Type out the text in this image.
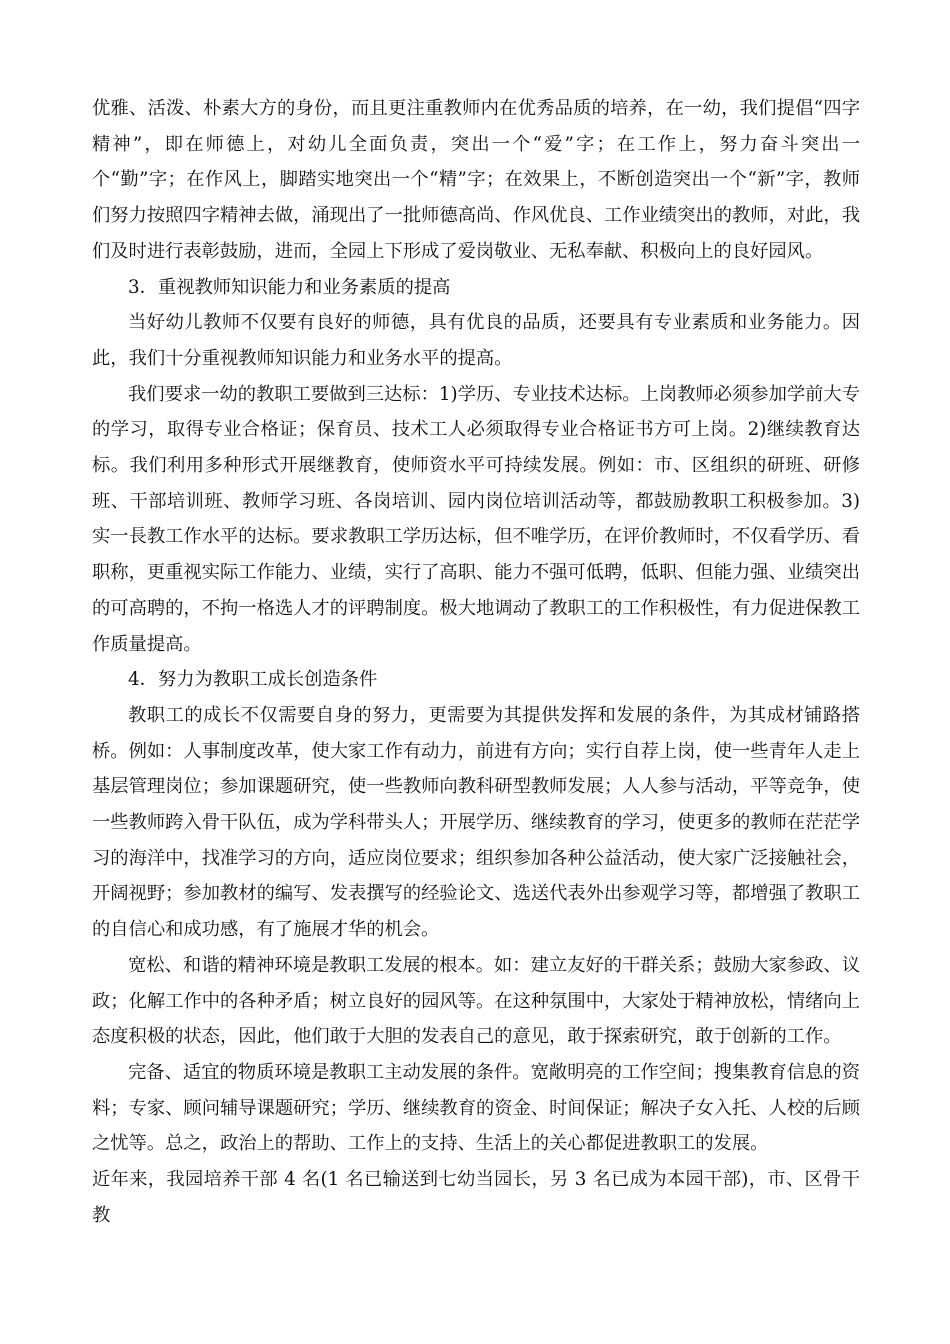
优雅、活泼、朴素大方的身份，而且更注重教师内在优秀品质的培养，在一幼，我们提倡“四字精神”，即在师德上，对幼儿全面负责，突出一个“爱”字；在工作上，努力奋斗突出一个“勤”字；在作风上，脚踏实地突出一个“精”字；在效果上，不断创造突出一个“新”字，教师们努力按照四字精神去做，涌现出了一批师德高尚、作风优良、工作业绩突出的教师，对此，我们及时进行表彰鼓励，进而，全园上下形成了爱岗敬业、无私奉献、积极向上的良好园风。

3．重视教师知识能力和业务素质的提高

当好幼儿教师不仅要有良好的师德，具有优良的品质，还要具有专业素质和业务能力。因此，我们十分重视教师知识能力和业务水平的提高。

我们要求一幼的教职工要做到三达标：1)学历、专业技术达标。上岗教师必须参加学前大专的学习，取得专业合格证；保育员、技术工人必须取得专业合格证书方可上岗。2)继续教育达标。我们利用多种形式开展继教育，使师资水平可持续发展。例如：市、区组织的研班、研修班、干部培训班、教师学习班、各岗培训、园内岗位培训活动等，都鼓励教职工积极参加。3)实一長教工作水平的达标。要求教职工学历达标，但不唯学历，在评价教师时，不仅看学历、看职称，更重视实际工作能力、业绩，实行了高职、能力不强可低聘，低职、但能力强、业绩突出的可高聘的，不拘一格选人才的评聘制度。极大地调动了教职工的工作积极性，有力促进保教工作质量提高。

4．努力为教职工成长创造条件

教职工的成长不仅需要自身的努力，更需要为其提供发挥和发展的条件，为其成材铺路搭桥。例如：人事制度改革，使大家工作有动力，前进有方向；实行自荐上岗，使一些青年人走上基层管理岗位；参加课题研究，使一些教师向教科研型教师发展；人人参与活动，平等竞争，使一些教师跨入骨干队伍，成为学科带头人；开展学历、继续教育的学习，使更多的教师在茫茫学习的海洋中，找准学习的方向，适应岗位要求；组织参加各种公益活动，使大家广泛接触社会，开阔视野；参加教材的编写、发表撰写的经验论文、选送代表外出参观学习等，都增强了教职工的自信心和成功感，有了施展才华的机会。

宽松、和谐的精神环境是教职工发展的根本。如：建立友好的干群关系；鼓励大家参政、议政；化解工作中的各种矛盾；树立良好的园风等。在这种氛围中，大家处于精神放松，情绪向上态度积极的状态，因此，他们敢于大胆的发表自己的意见，敢于探索研究，敢于创新的工作。

完备、适宜的物质环境是教职工主动发展的条件。宽敞明亮的工作空间；搜集教育信息的资料；专家、顾问辅导课题研究；学历、继续教育的资金、时间保证；解决子女入托、人校的后顾之忧等。总之，政治上的帮助、工作上的支持、生活上的关心都促进教职工的发展。

近年来，我园培养干部 4 名(1 名已输送到七幼当园长，另 3 名已成为本园干部)，市、区骨干教
